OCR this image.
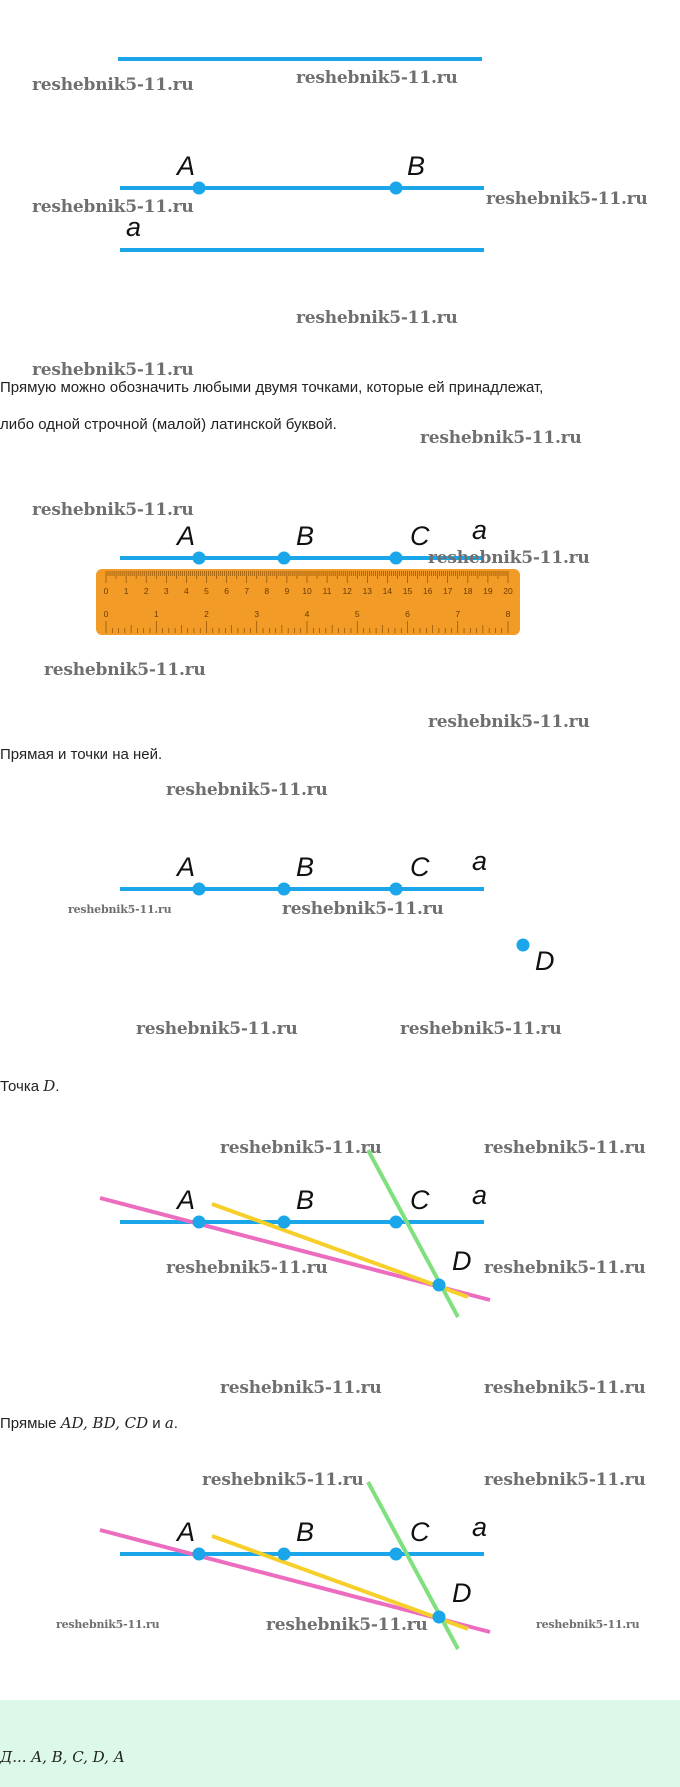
A	B
a
reshebnik5-11.ru	reshebnik5-11.ru
reshebnik5-11.ru	reshebnik5-11.ru
reshebnik5-11.ru
reshebnik5-11.ru

Прямую можно обозначить любыми двумя точками, которые ей принадлежат,

либо одной строчной (малой) латинской буквой.

reshebnik5-11.ru
A	B	C a
0 1 2 3 4 5 6 7 8 9 10 11 12 13 14 15 16 17 18 19 20
0	1	2	3	4	5	6	7	8
reshebnik5-11.ru
reshebnik5-11.ru
reshebnik5-11.ru
reshebnik5-11.ru

Прямая и точки на ней.

reshebnik5-11.ru
A	B	C a
D
reshebnik5-11.ru	reshebnik5-11.ru
reshebnik5-11.ru	reshebnik5-11.ru

Точка D.

A	B	C a
D
reshebnik5-11.ru	reshebnik5-11.ru
reshebnik5-11.ru	reshebnik5-11.ru
reshebnik5-11.ru	reshebnik5-11.ru

Прямые AD, BD, CD и a.

A	B	C a
D
reshebnik5-11.ru	reshebnik5-11.ru
reshebnik5-11.ru	reshebnik5-11.ru	reshebnik5-11.ru
Д... A, B, C, D, A
